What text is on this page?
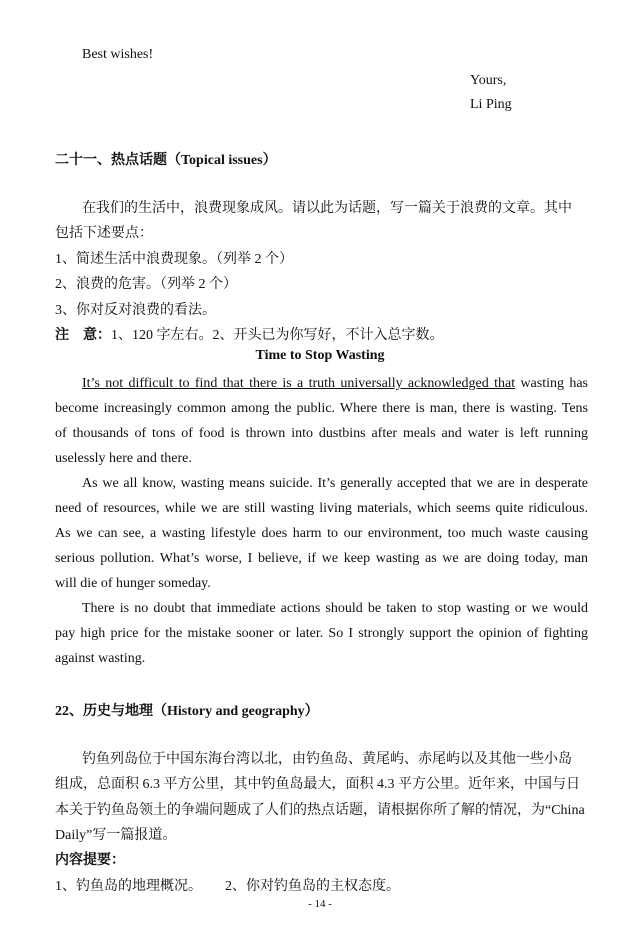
Best wishes!
Yours,
Li Ping
二十一、热点话题（Topical issues）
在我们的生活中，浪费现象成风。请以此为话题，写一篇关于浪费的文章。其中
包括下述要点：
1、简述生活中浪费现象。（列举 2 个）
2、浪费的危害。（列举 2 个）
3、你对反对浪费的看法。
注　意：1、120 字左右。2、开头已为你写好，不计入总字数。
Time to Stop Wasting
It’s not difficult to find that there is a truth universally acknowledged that wasting has
become increasingly common among the public. Where there is man, there is wasting. Tens
of thousands of tons of food is thrown into dustbins after meals and water is left running
uselessly here and there.
As we all know, wasting means suicide. It’s generally accepted that we are in desperate
need of resources, while we are still wasting living materials, which seems quite ridiculous.
As we can see, a wasting lifestyle does harm to our environment, too much waste causing
serious pollution. What’s worse, I believe, if we keep wasting as we are doing today, man
will die of hunger someday.
There is no doubt that immediate actions should be taken to stop wasting or we would
pay high price for the mistake sooner or later. So I strongly support the opinion of fighting
against wasting.
22、历史与地理（History and geography）
钓鱼列岛位于中国东海台湾以北，由钓鱼岛、黄尾屿、赤尾屿以及其他一些小岛
组成，总面积 6.3 平方公里，其中钓鱼岛最大，面积 4.3 平方公里。近年来，中国与日
本关于钓鱼岛领土的争端问题成了人们的热点话题，请根据你所了解的情况，为“China
Daily”写一篇报道。
内容提要：
1、钓鱼岛的地理概况。 2、你对钓鱼岛的主权态度。
- 14 -
